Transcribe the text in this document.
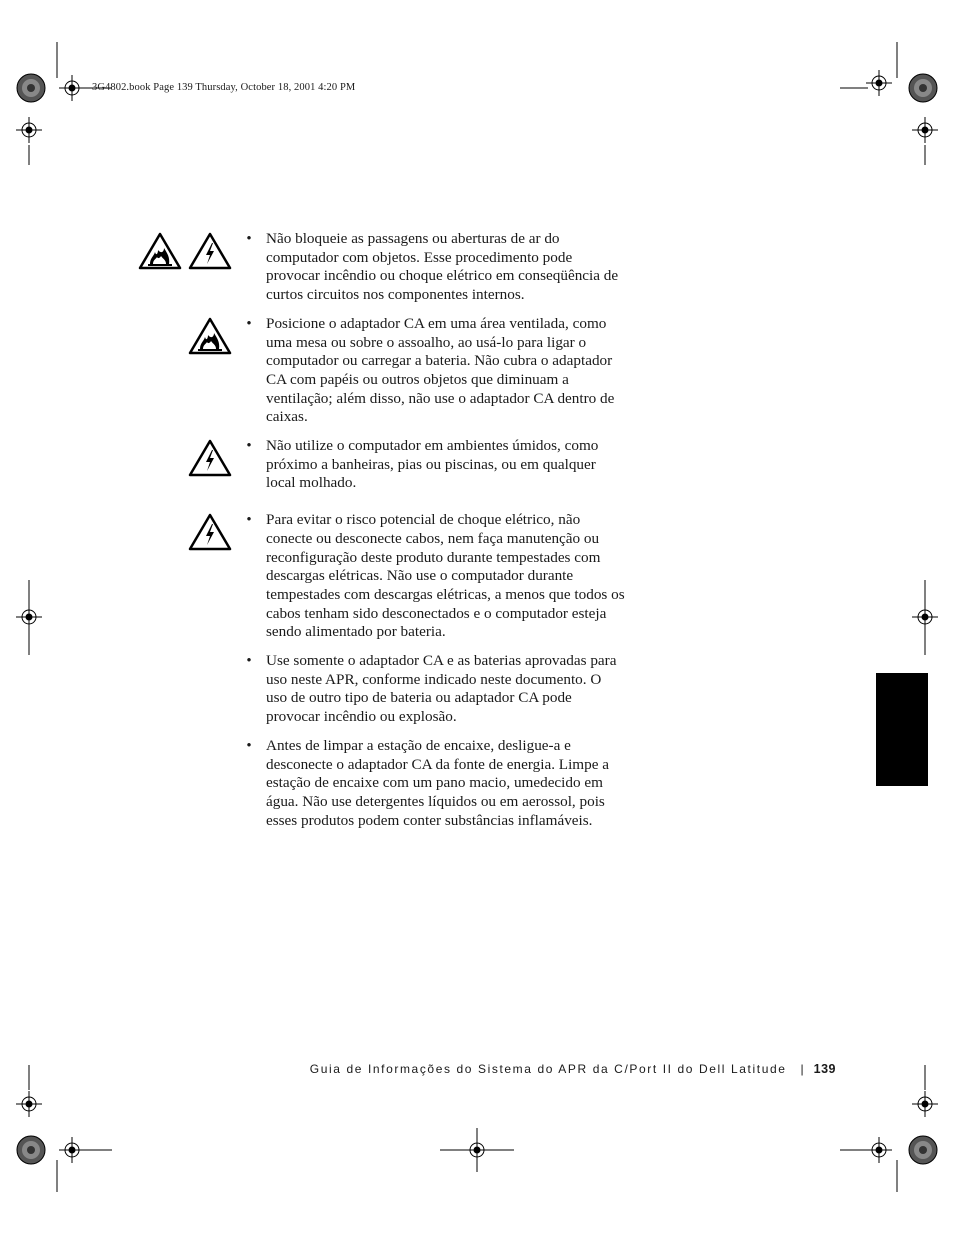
3G4802.book Page 139 Thursday, October 18, 2001 4:20 PM
• Não bloqueie as passagens ou aberturas de ar do computador com objetos. Esse procedimento pode provocar incêndio ou choque elétrico em conseqüência de curtos circuitos nos componentes internos.
• Posicione o adaptador CA em uma área ventilada, como uma mesa ou sobre o assoalho, ao usá-lo para ligar o computador ou carregar a bateria. Não cubra o adaptador CA com papéis ou outros objetos que diminuam a ventilação; além disso, não use o adaptador CA dentro de caixas.
• Não utilize o computador em ambientes úmidos, como próximo a banheiras, pias ou piscinas, ou em qualquer local molhado.
• Para evitar o risco potencial de choque elétrico, não conecte ou desconecte cabos, nem faça manutenção ou reconfiguração deste produto durante tempestades com descargas elétricas. Não use o computador durante tempestades com descargas elétricas, a menos que todos os cabos tenham sido desconectados e o computador esteja sendo alimentado por bateria.
• Use somente o adaptador CA e as baterias aprovadas para uso neste APR, conforme indicado neste documento. O uso de outro tipo de bateria ou adaptador CA pode provocar incêndio ou explosão.
• Antes de limpar a estação de encaixe, desligue-a e desconecte o adaptador CA da fonte de energia. Limpe a estação de encaixe com um pano macio, umedecido em água. Não use detergentes líquidos ou em aerossol, pois esses produtos podem conter substâncias inflamáveis.
Guia de Informações do Sistema do APR da C/Port II do Dell Latitude | 139
